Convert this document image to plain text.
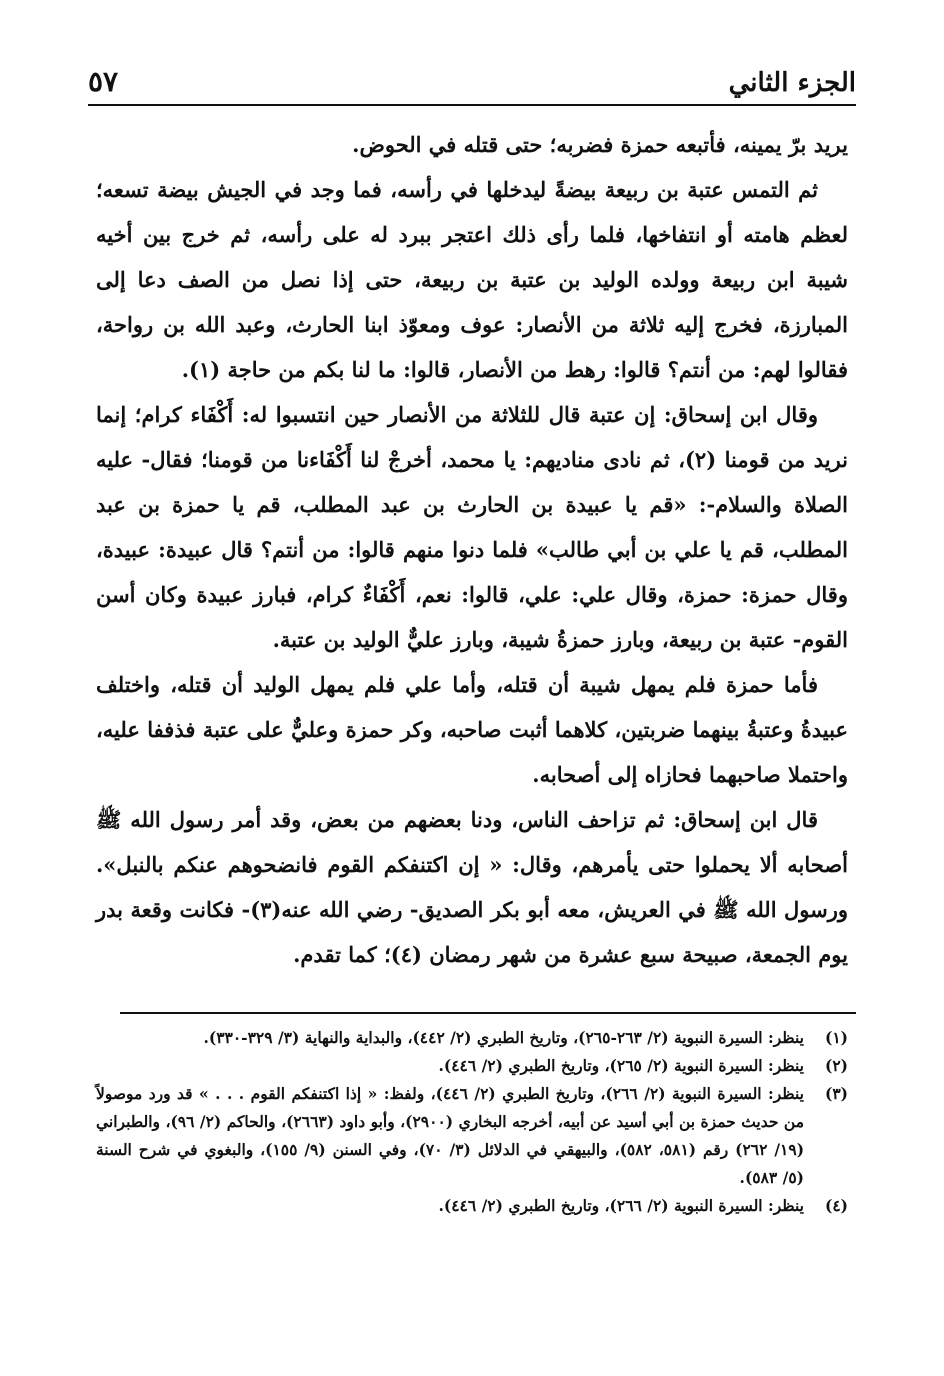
الجزء الثاني
٥٧

يريد برّ يمينه، فأتبعه حمزة فضربه؛ حتى قتله في الحوض.

ثم التمس عتبة بن ربيعة بيضةً ليدخلها في رأسه، فما وجد في الجيش بيضة تسعه؛ لعظم هامته أو انتفاخها، فلما رأى ذلك اعتجر ببرد له على رأسه، ثم خرج بين أخيه شيبة ابن ربيعة وولده الوليد بن عتبة بن ربيعة، حتى إذا نصل من الصف دعا إلى المبارزة، فخرج إليه ثلاثة من الأنصار: عوف ومعوّذ ابنا الحارث، وعبد الله بن رواحة، فقالوا لهم: من أنتم؟ قالوا: رهط من الأنصار، قالوا: ما لنا بكم من حاجة (١).

وقال ابن إسحاق: إن عتبة قال للثلاثة من الأنصار حين انتسبوا له: أَكْفَاء كرام؛ إنما نريد من قومنا (٢)، ثم نادى مناديهم: يا محمد، أخرجْ لنا أَكْفَاءنا من قومنا؛ فقال- عليه الصلاة والسلام-: «قم يا عبيدة بن الحارث بن عبد المطلب، قم يا حمزة بن عبد المطلب، قم يا علي بن أبي طالب» فلما دنوا منهم قالوا: من أنتم؟ قال عبيدة: عبيدة، وقال حمزة: حمزة، وقال علي: علي، قالوا: نعم، أَكْفَاءٌ كرام، فبارز عبيدة وكان أسن القوم- عتبة بن ربيعة، وبارز حمزةُ شيبة، وبارز عليٌّ الوليد بن عتبة.

فأما حمزة فلم يمهل شيبة أن قتله، وأما علي فلم يمهل الوليد أن قتله، واختلف عبيدةُ وعتبةُ بينهما ضربتين، كلاهما أثبت صاحبه، وكر حمزة وعليٌّ على عتبة فذففا عليه، واحتملا صاحبهما فحازاه إلى أصحابه.

قال ابن إسحاق: ثم تزاحف الناس، ودنا بعضهم من بعض، وقد أمر رسول الله ﷺ أصحابه ألا يحملوا حتى يأمرهم، وقال: « إن اكتنفكم القوم فانضحوهم عنكم بالنبل». ورسول الله ﷺ في العريش، معه أبو بكر الصديق- رضي الله عنه(٣)- فكانت وقعة بدر يوم الجمعة، صبيحة سبع عشرة من شهر رمضان (٤)؛ كما تقدم.

(١)
ينظر: السيرة النبوية (٢/ ٢٦٣-٢٦٥)، وتاريخ الطبري (٢/ ٤٤٢)، والبداية والنهاية (٣/ ٣٢٩-٣٣٠).
(٢)
ينظر: السيرة النبوية (٢/ ٢٦٥)، وتاريخ الطبري (٢/ ٤٤٦).
(٣)
ينظر: السيرة النبوية (٢/ ٢٦٦)، وتاريخ الطبري (٢/ ٤٤٦)، ولفظ: « إذا اكتنفكم القوم . . . » قد ورد موصولاً من حديث حمزة بن أبي أسيد عن أبيه، أخرجه البخاري (٢٩٠٠)، وأبو داود (٢٦٦٣)، والحاكم (٢/ ٩٦)، والطبراني (١٩/ ٢٦٢) رقم (٥٨١، ٥٨٢)، والبيهقي في الدلائل (٣/ ٧٠)، وفي السنن (٩/ ١٥٥)، والبغوي في شرح السنة (٥/ ٥٨٣).
(٤)
ينظر: السيرة النبوية (٢/ ٢٦٦)، وتاريخ الطبري (٢/ ٤٤٦).
